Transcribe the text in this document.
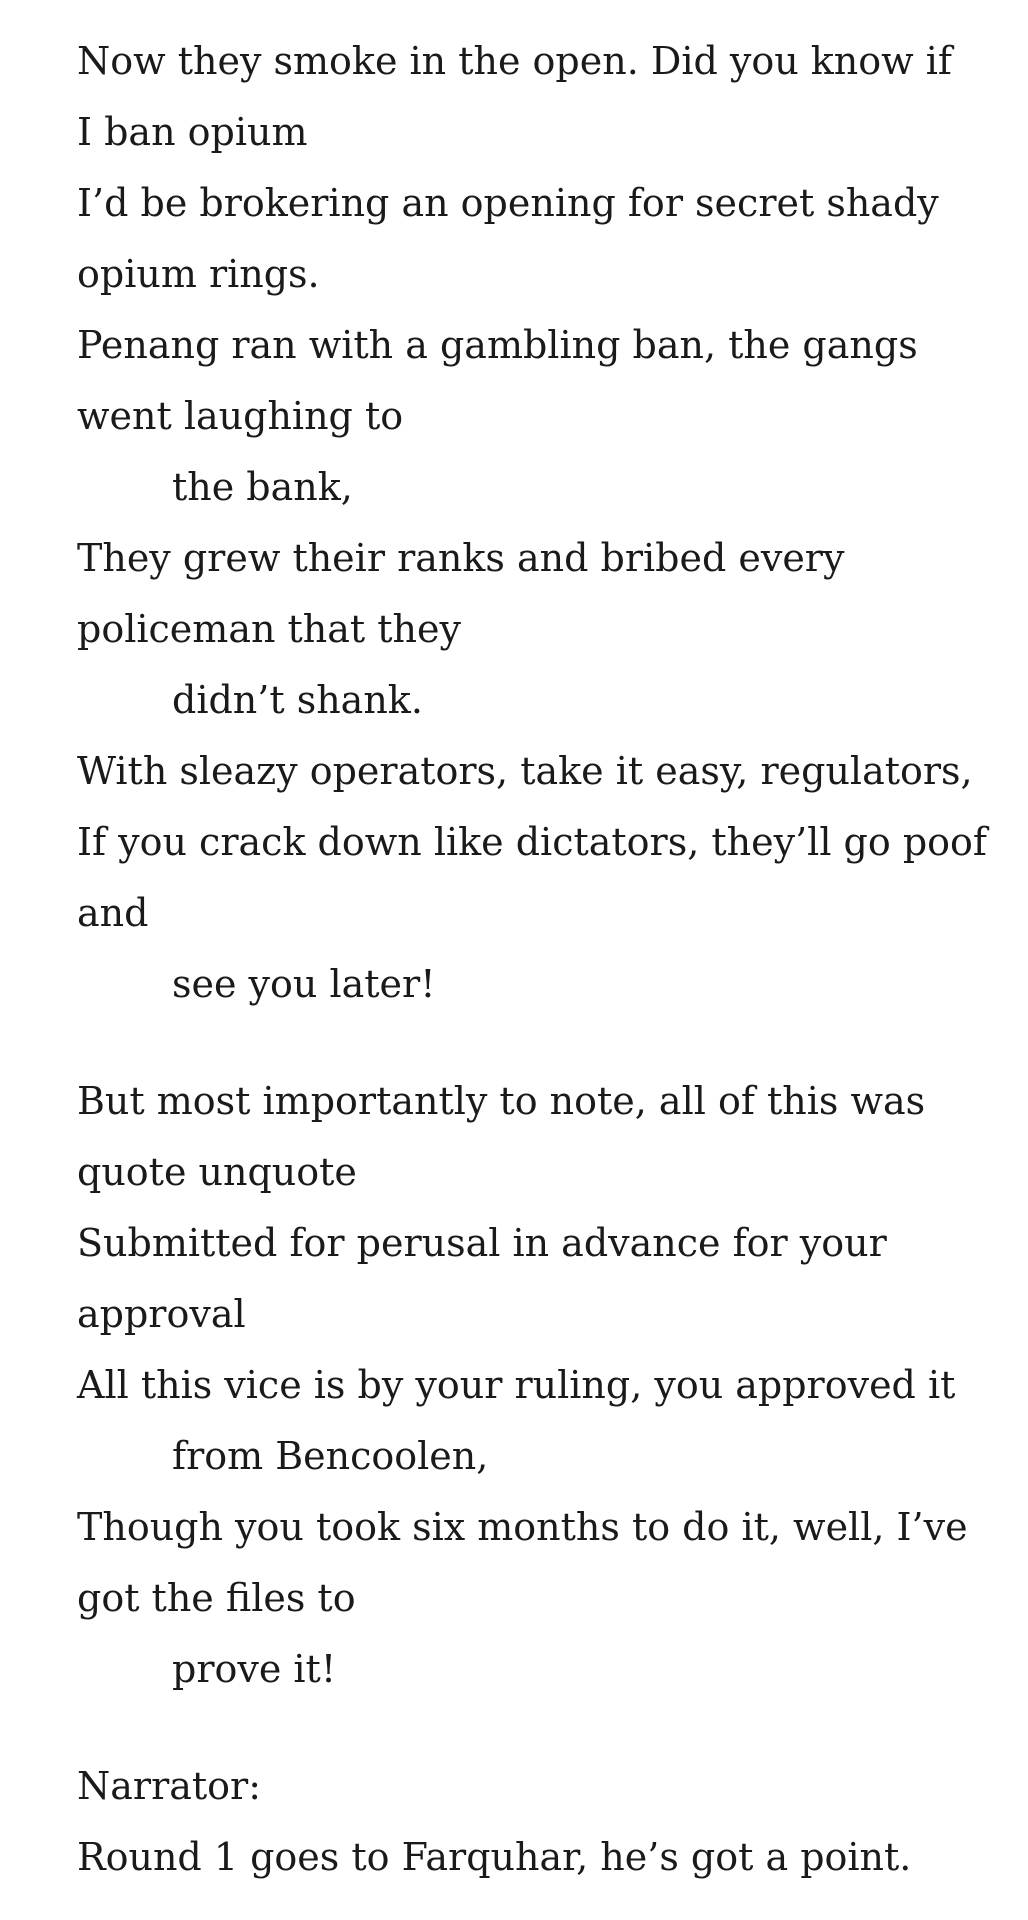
Now they smoke in the open. Did you know if
I ban opium
I’d be brokering an opening for secret shady
opium rings.
Penang ran with a gambling ban, the gangs
went laughing to
the bank,
They grew their ranks and bribed every
policeman that they
didn’t shank.
With sleazy operators, take it easy, regulators,
If you crack down like dictators, they’ll go poof
and
see you later!
But most importantly to note, all of this was
quote unquote
Submitted for perusal in advance for your
approval
All this vice is by your ruling, you approved it
from Bencoolen,
Though you took six months to do it, well, I’ve
got the files to
prove it!
Narrator:
Round 1 goes to Farquhar, he’s got a point.
